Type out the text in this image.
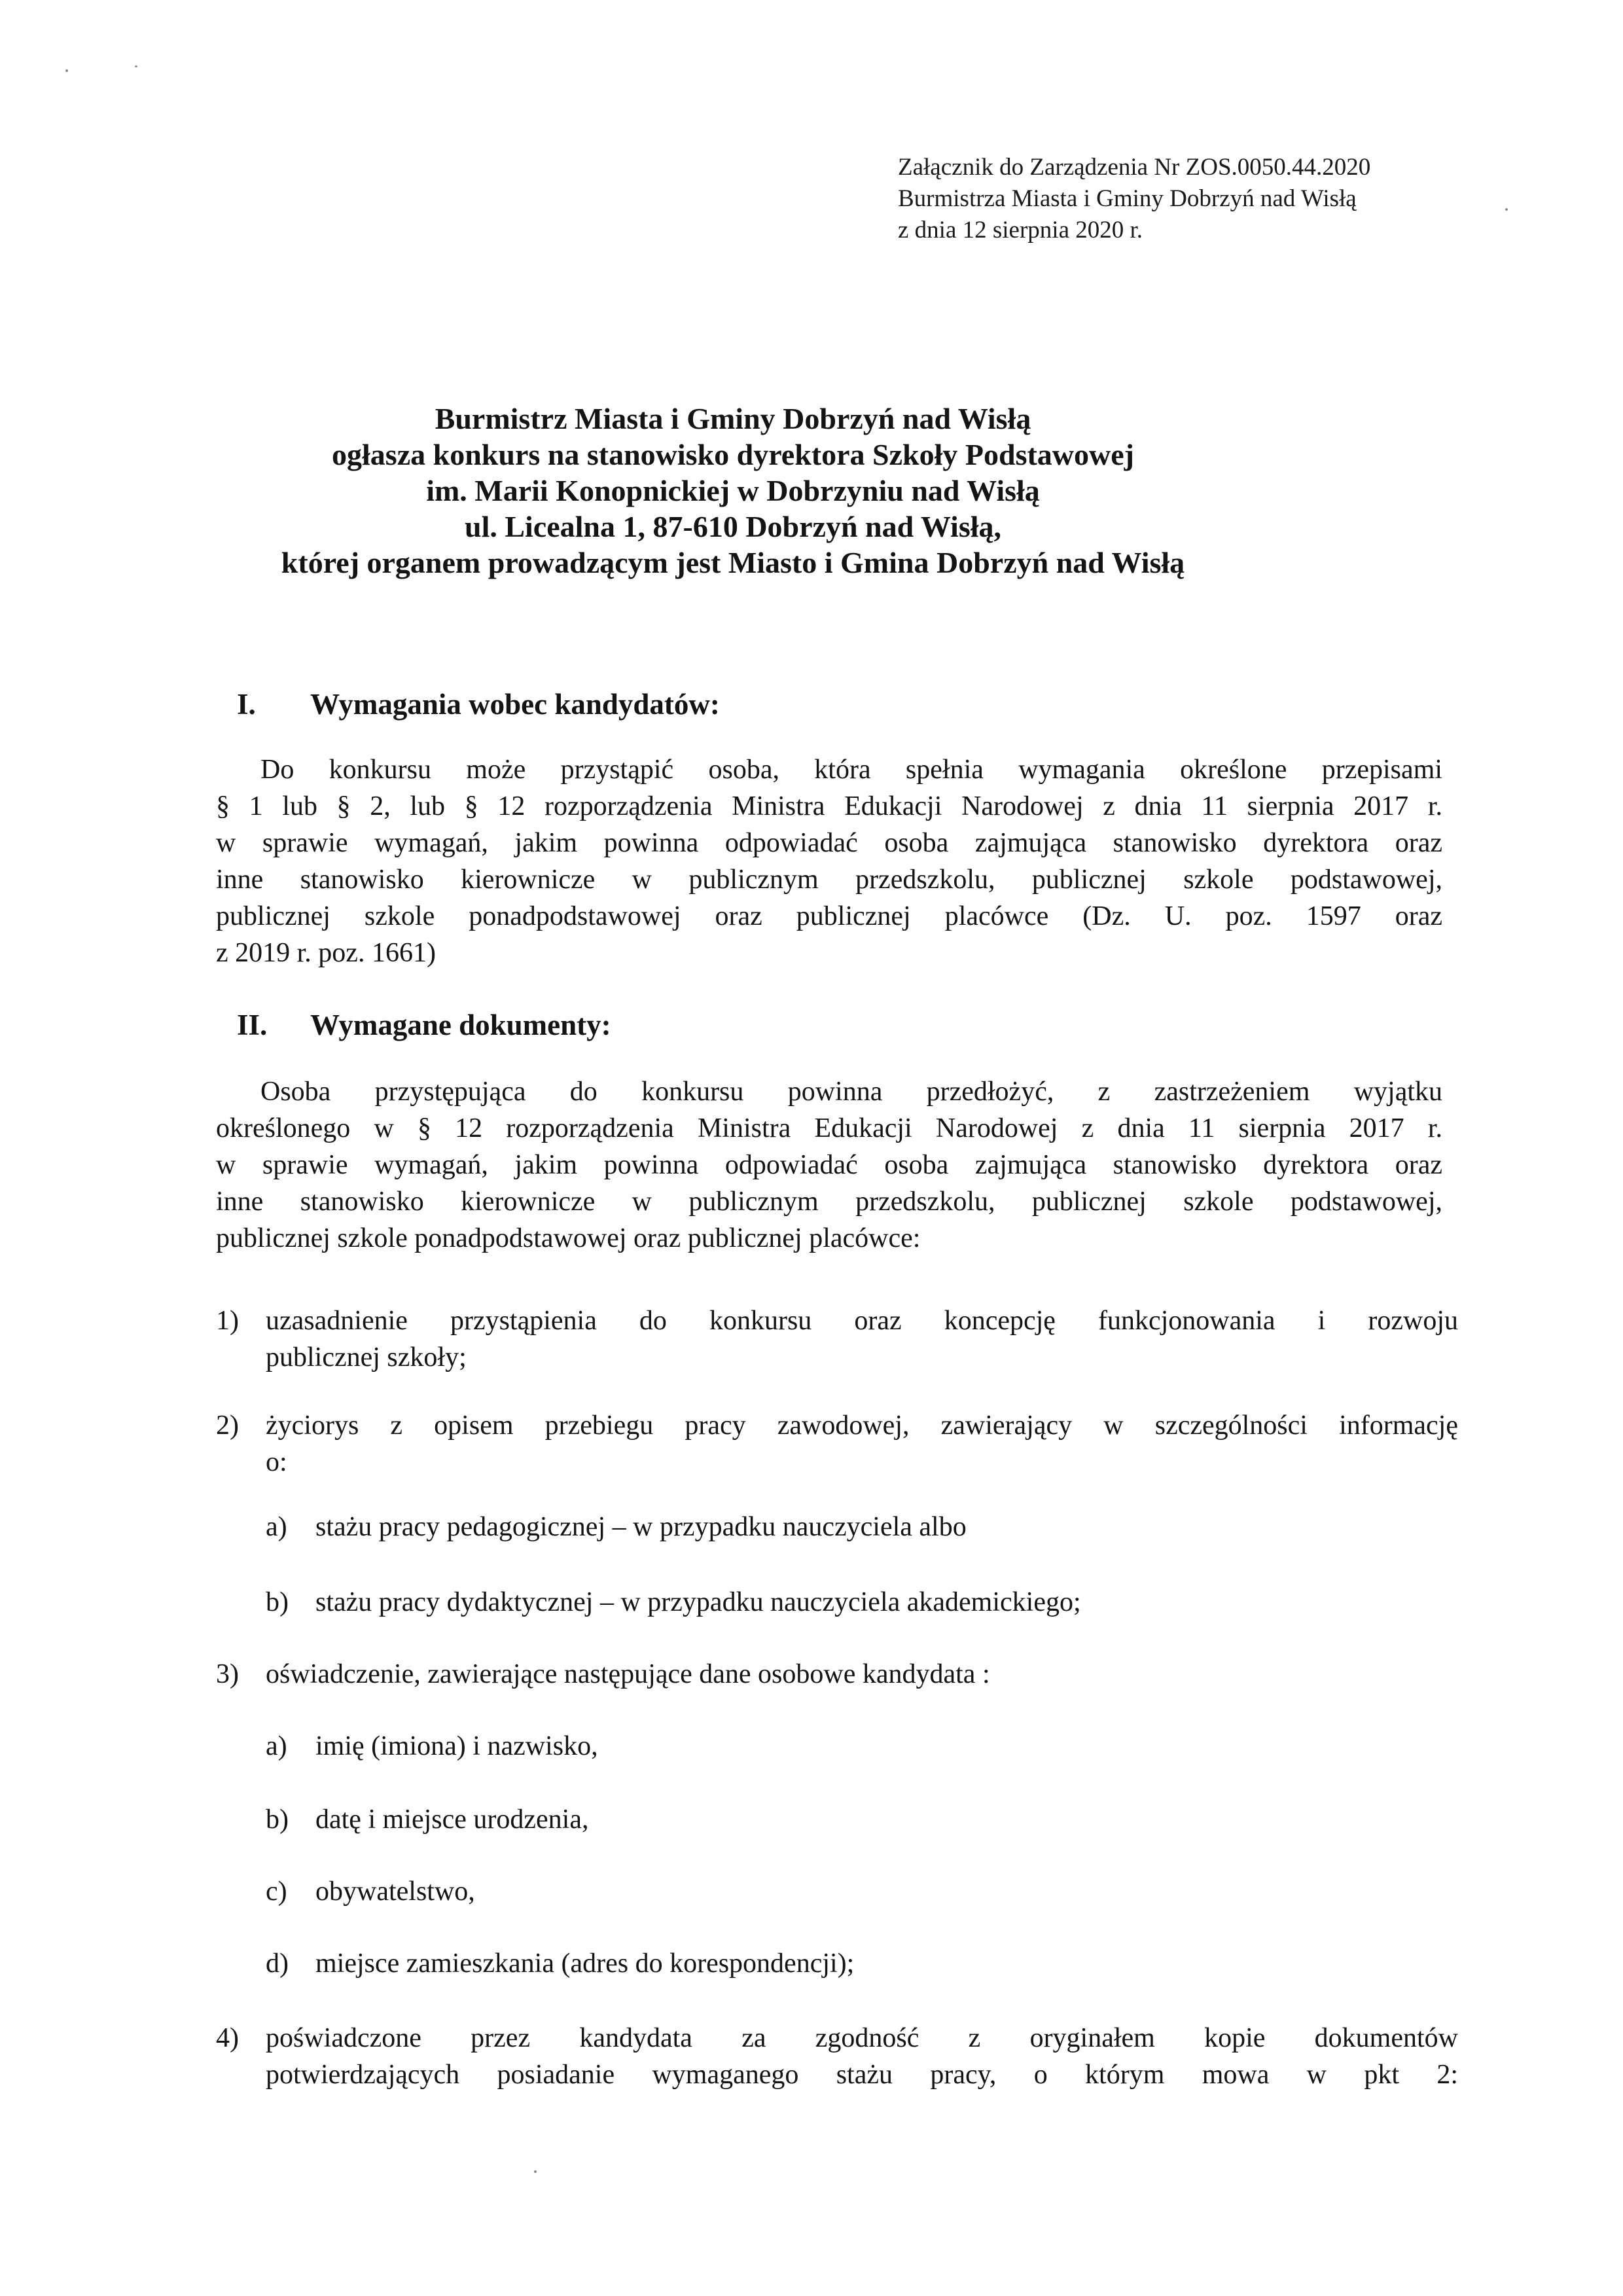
Załącznik do Zarządzenia Nr ZOS.0050.44.2020
Burmistrza Miasta i Gminy Dobrzyń nad Wisłą
z dnia 12 sierpnia 2020 r.
Burmistrz Miasta i Gminy Dobrzyń nad Wisłą
ogłasza konkurs na stanowisko dyrektora Szkoły Podstawowej
im. Marii Konopnickiej w Dobrzyniu nad Wisłą
ul. Licealna 1, 87-610 Dobrzyń nad Wisłą,
której organem prowadzącym jest Miasto i Gmina Dobrzyń nad Wisłą
I. Wymagania wobec kandydatów:
Do konkursu może przystąpić osoba, która spełnia wymagania określone przepisami
§ 1 lub § 2, lub § 12 rozporządzenia Ministra Edukacji Narodowej z dnia 11 sierpnia 2017 r.
w sprawie wymagań, jakim powinna odpowiadać osoba zajmująca stanowisko dyrektora oraz
inne stanowisko kierownicze w publicznym przedszkolu, publicznej szkole podstawowej,
publicznej szkole ponadpodstawowej oraz publicznej placówce (Dz. U. poz. 1597 oraz
z 2019 r. poz. 1661)
II. Wymagane dokumenty:
Osoba przystępująca do konkursu powinna przedłożyć, z zastrzeżeniem wyjątku
określonego w § 12 rozporządzenia Ministra Edukacji Narodowej z dnia 11 sierpnia 2017 r.
w sprawie wymagań, jakim powinna odpowiadać osoba zajmująca stanowisko dyrektora oraz
inne stanowisko kierownicze w publicznym przedszkolu, publicznej szkole podstawowej,
publicznej szkole ponadpodstawowej oraz publicznej placówce:
1) uzasadnienie przystąpienia do konkursu oraz koncepcję funkcjonowania i rozwoju
publicznej szkoły;
2) życiorys z opisem przebiegu pracy zawodowej, zawierający w szczególności informację
o:
a) stażu pracy pedagogicznej – w przypadku nauczyciela albo
b) stażu pracy dydaktycznej – w przypadku nauczyciela akademickiego;
3) oświadczenie, zawierające następujące dane osobowe kandydata :
a) imię (imiona) i nazwisko,
b) datę i miejsce urodzenia,
c) obywatelstwo,
d) miejsce zamieszkania (adres do korespondencji);
4) poświadczone przez kandydata za zgodność z oryginałem kopie dokumentów
potwierdzających posiadanie wymaganego stażu pracy, o którym mowa w pkt 2:
